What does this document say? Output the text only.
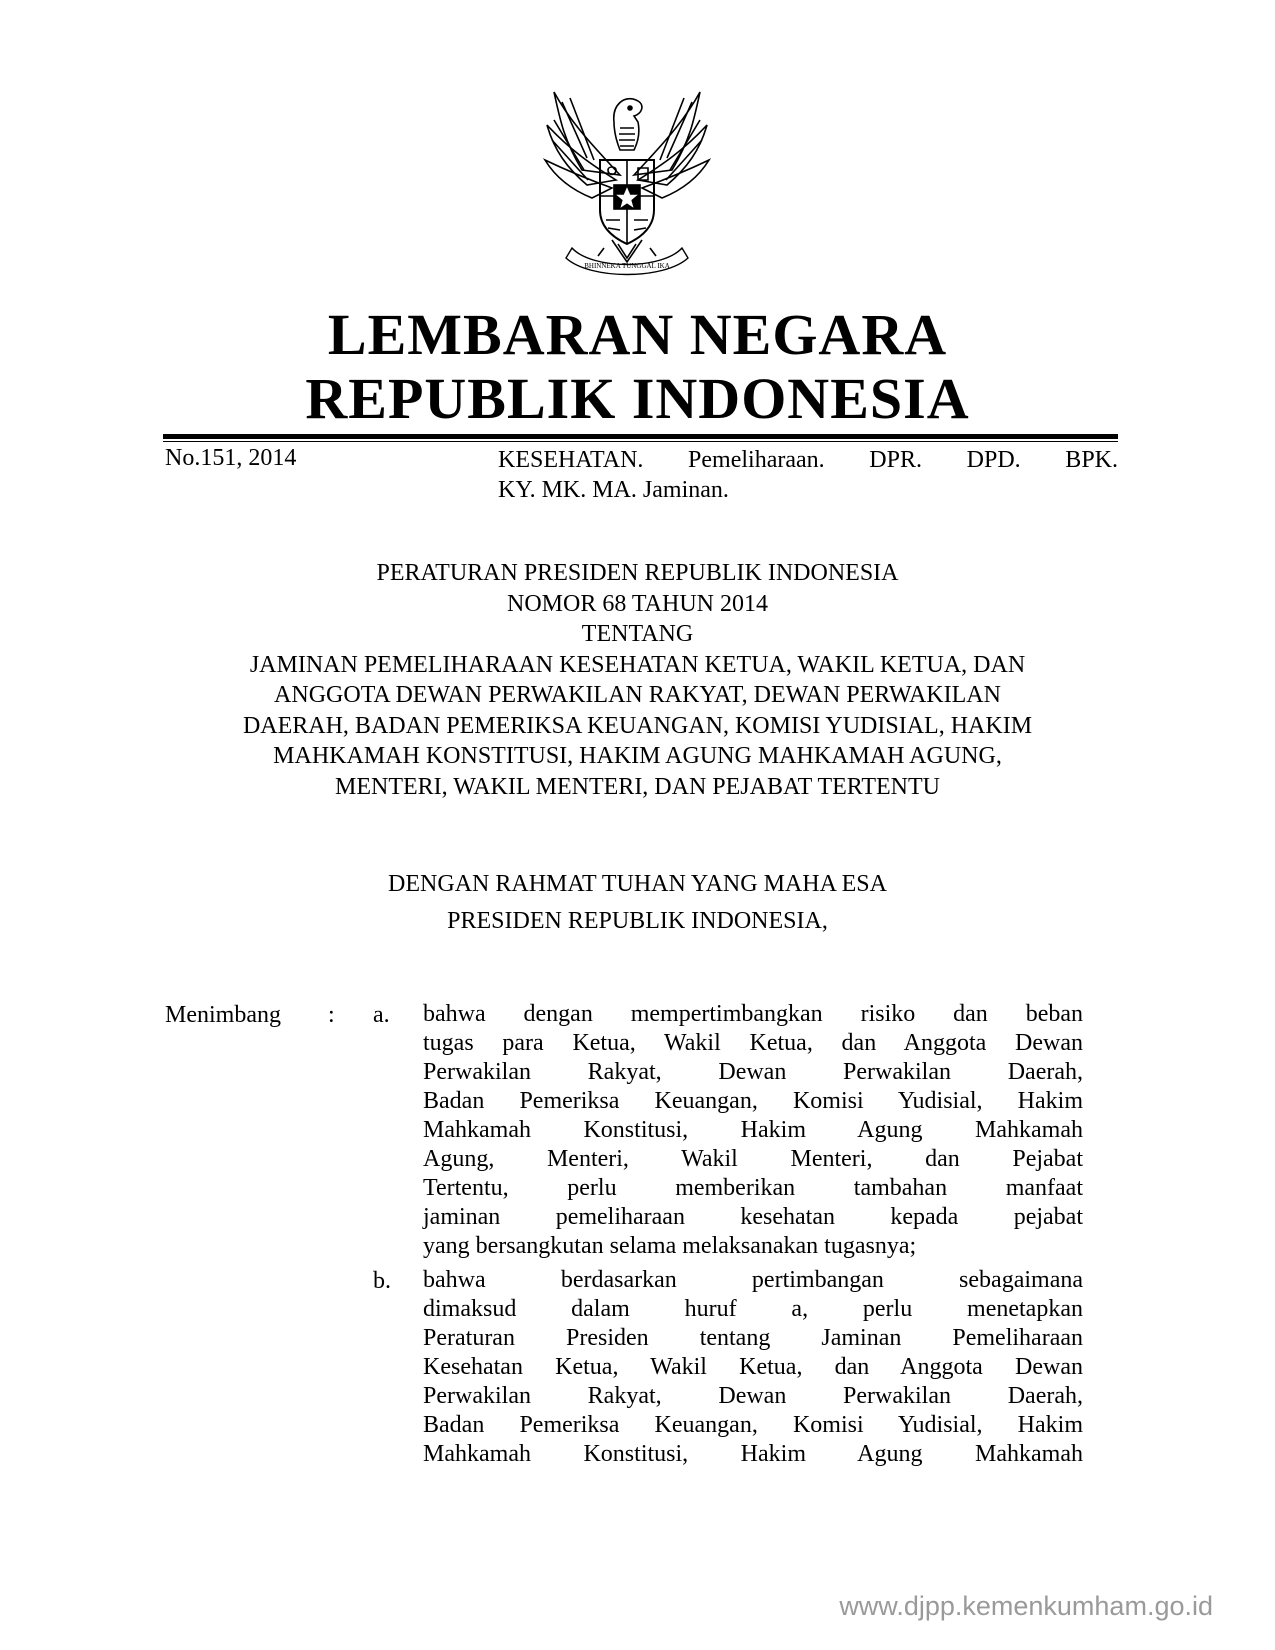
BHINNEKA TUNGGAL IKA
LEMBARAN NEGARA
REPUBLIK INDONESIA
No.151, 2014	KESEHATAN. Pemeliharaan. DPR. DPD. BPK.
KY. MK. MA. Jaminan.
PERATURAN PRESIDEN REPUBLIK INDONESIA
NOMOR 68 TAHUN 2014
TENTANG
JAMINAN PEMELIHARAAN KESEHATAN KETUA, WAKIL KETUA, DAN
ANGGOTA DEWAN PERWAKILAN RAKYAT, DEWAN PERWAKILAN
DAERAH, BADAN PEMERIKSA KEUANGAN, KOMISI YUDISIAL, HAKIM
MAHKAMAH KONSTITUSI, HAKIM AGUNG MAHKAMAH AGUNG,
MENTERI, WAKIL MENTERI, DAN PEJABAT TERTENTU
DENGAN RAHMAT TUHAN YANG MAHA ESA
PRESIDEN REPUBLIK INDONESIA,
Menimbang : a. bahwa dengan mempertimbangkan risiko dan beban
tugas para Ketua, Wakil Ketua, dan Anggota Dewan
Perwakilan Rakyat, Dewan Perwakilan Daerah,
Badan Pemeriksa Keuangan, Komisi Yudisial, Hakim
Mahkamah Konstitusi, Hakim Agung Mahkamah
Agung, Menteri, Wakil Menteri, dan Pejabat
Tertentu, perlu memberikan tambahan manfaat
jaminan pemeliharaan kesehatan kepada pejabat
yang bersangkutan selama melaksanakan tugasnya;
b. bahwa berdasarkan pertimbangan sebagaimana
dimaksud dalam huruf a, perlu menetapkan
Peraturan Presiden tentang Jaminan Pemeliharaan
Kesehatan Ketua, Wakil Ketua, dan Anggota Dewan
Perwakilan Rakyat, Dewan Perwakilan Daerah,
Badan Pemeriksa Keuangan, Komisi Yudisial, Hakim
Mahkamah Konstitusi, Hakim Agung Mahkamah
www.djpp.kemenkumham.go.id
